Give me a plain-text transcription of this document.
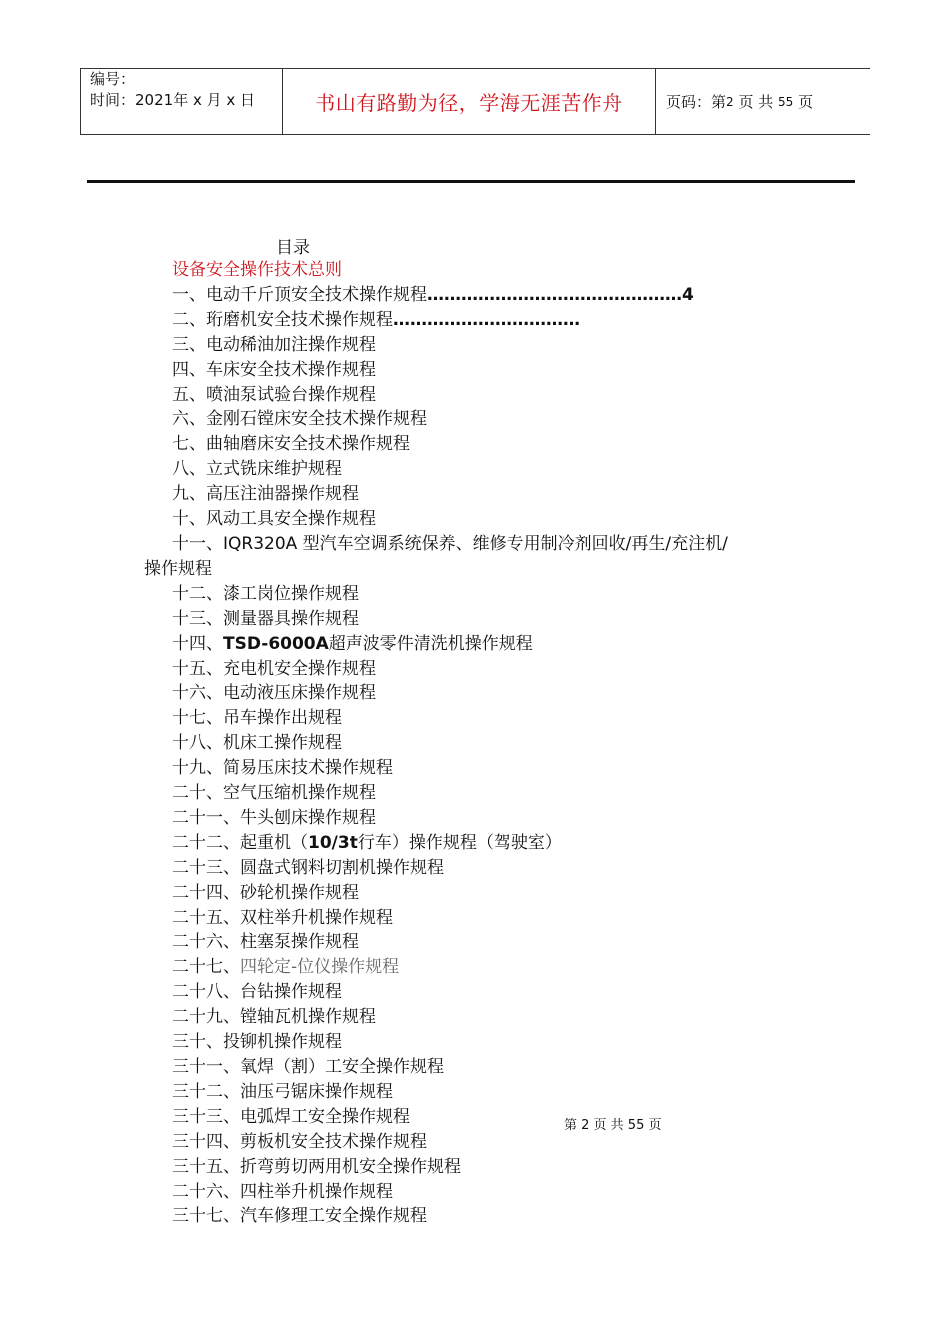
编号：
时间：2021年 x 月 x 日	书山有路勤为径，学海无涯苦作舟	页码：第 2
页 共
55
页
目录
设备安全操作技术总则
一、电动千斤顶安全技术操作规程………………………………………4
二、珩磨机安全技术操作规程……………………………
三、电动稀油加注操作规程
四、车床安全技术操作规程
五、喷油泵试验台操作规程
六、金刚石镗床安全技术操作规程
七、曲轴磨床安全技术操作规程
八、立式铣床维护规程
九、高压注油器操作规程
十、风动工具安全操作规程
十一、IQR320A 型汽车空调系统保养、维修专用制冷剂回收/再生/充注机/
操作规程
十二、漆工岗位操作规程
十三、测量器具操作规程
十四、TSD-6000A超声波零件清洗机操作规程
十五、充电机安全操作规程
十六、电动液压床操作规程
十七、吊车操作出规程
十八、机床工操作规程
十九、简易压床技术操作规程
二十、空气压缩机操作规程
二十一、牛头刨床操作规程
二十二、起重机（10/3t行车）操作规程（驾驶室）
二十三、圆盘式钢料切割机操作规程
二十四、砂轮机操作规程
二十五、双柱举升机操作规程
二十六、柱塞泵操作规程
二十七、四轮定-位仪操作规程
二十八、台钻操作规程
二十九、镗轴瓦机操作规程
三十、投铆机操作规程
三十一、氧焊（割）工安全操作规程
三十二、油压弓锯床操作规程
三十三、电弧焊工安全操作规程
三十四、剪板机安全技术操作规程
三十五、折弯剪切两用机安全操作规程
二十六、四柱举升机操作规程
三十七、汽车修理工安全操作规程
第 2 页 共 55 页
